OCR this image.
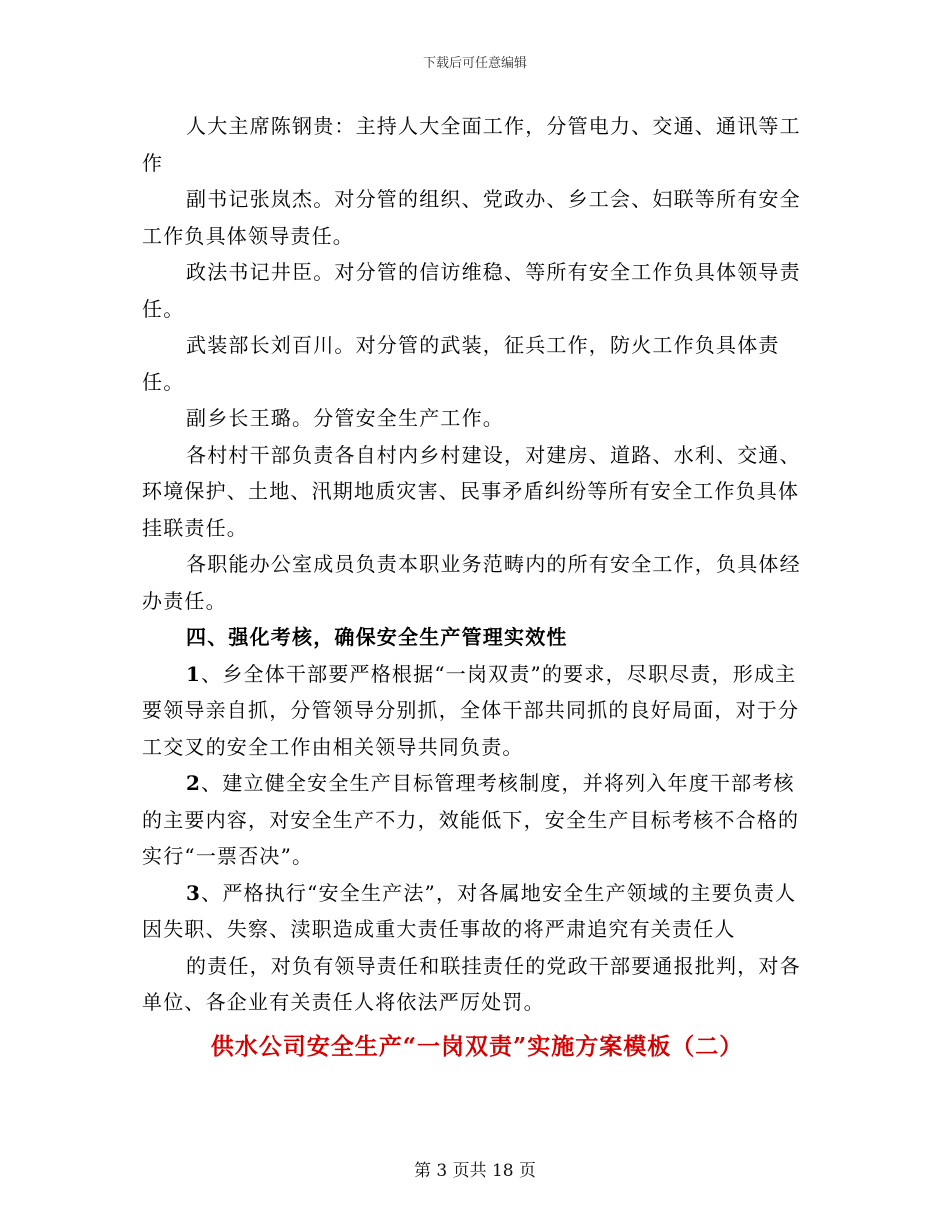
下载后可任意编辑

人大主席陈钢贵：主持人大全面工作，分管电力、交通、通讯等工作

副书记张岚杰。对分管的组织、党政办、乡工会、妇联等所有安全工作负具体领导责任。

政法书记井臣。对分管的信访维稳、等所有安全工作负具体领导责任。

武装部长刘百川。对分管的武装，征兵工作，防火工作负具体责任。

副乡长王璐。分管安全生产工作。

各村村干部负责各自村内乡村建设，对建房、道路、水利、交通、环境保护、土地、汛期地质灾害、民事矛盾纠纷等所有安全工作负具体挂联责任。

各职能办公室成员负责本职业务范畴内的所有安全工作，负具体经办责任。

四、强化考核，确保安全生产管理实效性

1、乡全体干部要严格根据“一岗双责”的要求，尽职尽责，形成主要领导亲自抓，分管领导分别抓，全体干部共同抓的良好局面，对于分工交叉的安全工作由相关领导共同负责。

2、建立健全安全生产目标管理考核制度，并将列入年度干部考核的主要内容，对安全生产不力，效能低下，安全生产目标考核不合格的实行“一票否决”。

3、严格执行“安全生产法”，对各属地安全生产领域的主要负责人因失职、失察、渎职造成重大责任事故的将严肃追究有关责任人

的责任，对负有领导责任和联挂责任的党政干部要通报批判，对各单位、各企业有关责任人将依法严厉处罚。

供水公司安全生产“一岗双责”实施方案模板（二）

第 3 页共 18 页
